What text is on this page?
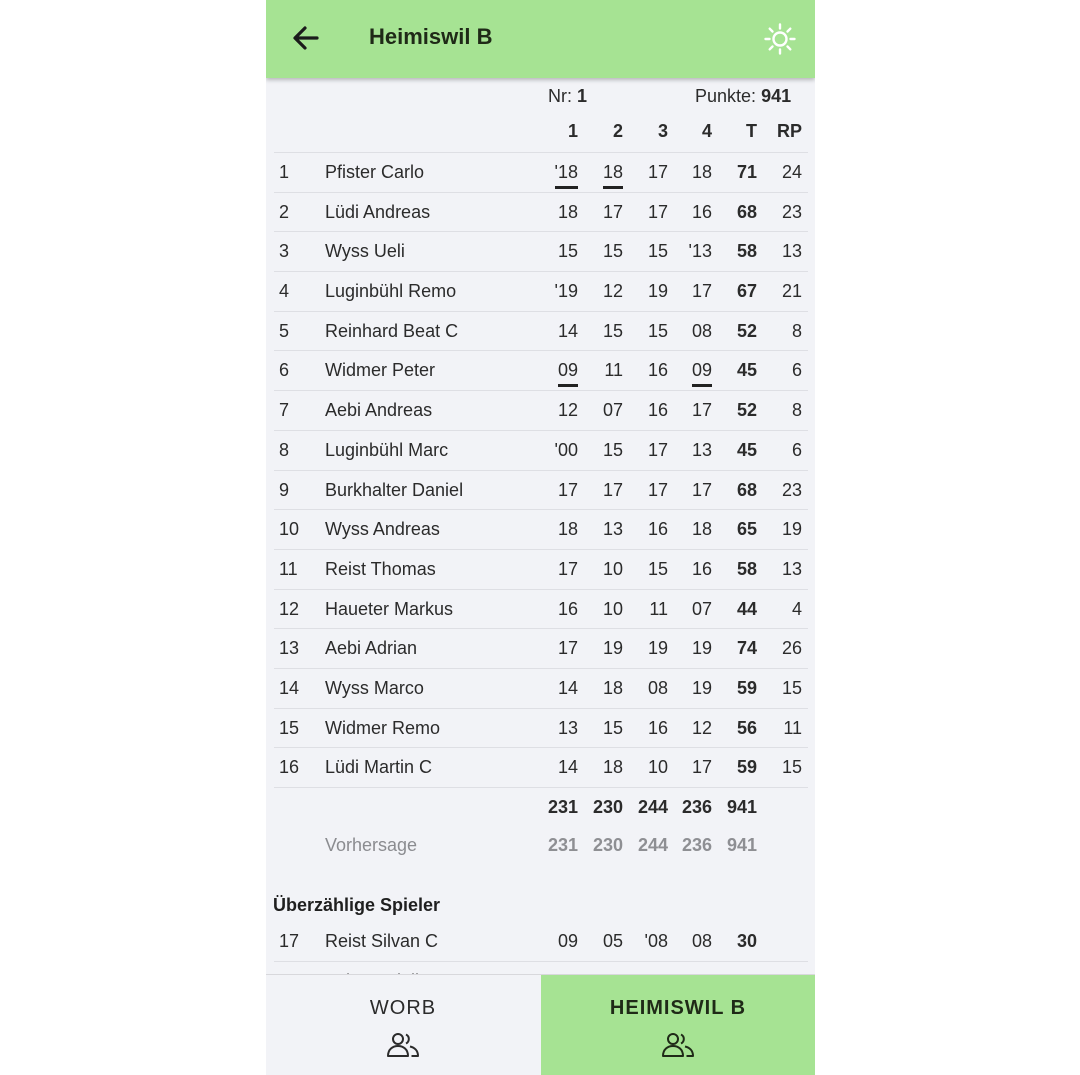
Heimiswil B
Nr: 1	Punkte: 941
1	2	3	4	T	RP
1	Pfister Carlo	'18	18	17	18	71	24
2	Lüdi Andreas	18	17	17	16	68	23
3	Wyss Ueli	15	15	15	'13	58	13
4	Luginbühl Remo	'19	12	19	17	67	21
5	Reinhard Beat C	14	15	15	08	52	8
6	Widmer Peter	09	11	16	09	45	6
7	Aebi Andreas	12	07	16	17	52	8
8	Luginbühl Marc	'00	15	17	13	45	6
9	Burkhalter Daniel	17	17	17	17	68	23
10	Wyss Andreas	18	13	16	18	65	19
11	Reist Thomas	17	10	15	16	58	13
12	Haueter Markus	16	10	11	07	44	4
13	Aebi Adrian	17	19	19	19	74	26
14	Wyss Marco	14	18	08	19	59	15
15	Widmer Remo	13	15	16	12	56	11
16	Lüdi Martin C	14	18	10	17	59	15
231 230 244 236 941
Vorhersage	231 230 244 236 941
Überzählige Spieler
17	Reist Silvan C	09	05	'08	08	30
WORB	HEIMISWIL B
